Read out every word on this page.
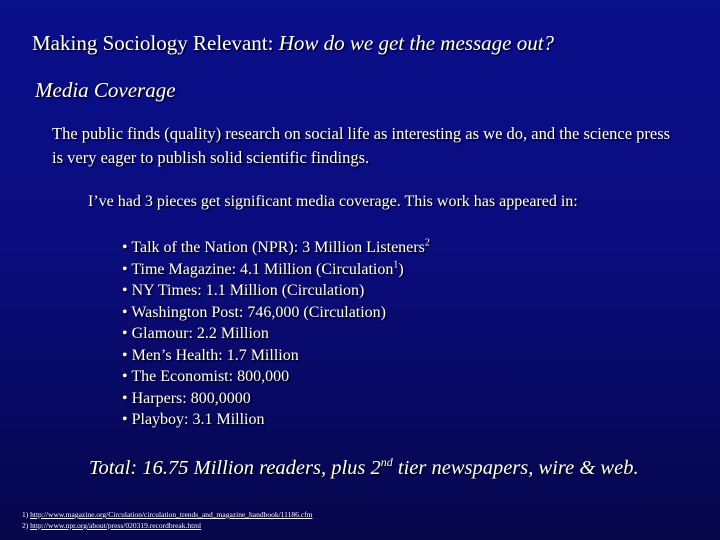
Making Sociology Relevant: How do we get the message out?
Media Coverage
The public finds (quality) research on social life as interesting as we do, and the science press is very eager to publish solid scientific findings.
I’ve had 3 pieces get significant media coverage. This work has appeared in:
• Talk of the Nation (NPR): 3 Million Listeners$^2$
• Time Magazine: 4.1 Million (Circulation$^1$)
• NY Times: 1.1 Million (Circulation)
• Washington Post: 746,000 (Circulation)
• Glamour: 2.2 Million
• Men’s Health: 1.7 Million
• The Economist: 800,000
• Harpers: 800,0000
• Playboy: 3.1 Million
Total: 16.75 Million readers, plus 2nd tier newspapers, wire & web.
1) http://www.magazine.org/Circulation/circulation_trends_and_magazine_handbook/11186.cfm
2) http://www.npr.org/about/press/020319.recordbreak.html
